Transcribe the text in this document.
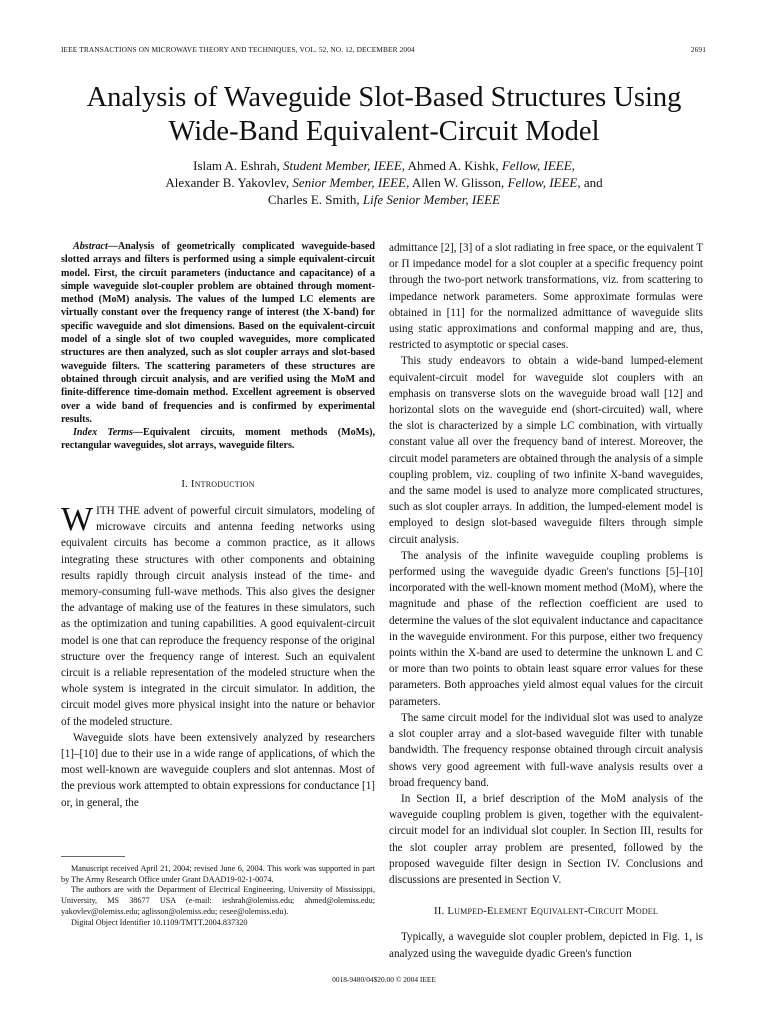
IEEE TRANSACTIONS ON MICROWAVE THEORY AND TECHNIQUES, VOL. 52, NO. 12, DECEMBER 2004	2691
Analysis of Waveguide Slot-Based Structures Using
Wide-Band Equivalent-Circuit Model
Islam A. Eshrah, Student Member, IEEE, Ahmed A. Kishk, Fellow, IEEE,
Alexander B. Yakovlev, Senior Member, IEEE, Allen W. Glisson, Fellow, IEEE, and
Charles E. Smith, Life Senior Member, IEEE

Abstract—Analysis of geometrically complicated waveguide-based slotted arrays and filters is performed using a simple equivalent-circuit model. First, the circuit parameters (inductance and capacitance) of a simple waveguide slot-coupler problem are obtained through moment-method (MoM) analysis. The values of the lumped LC elements are virtually constant over the frequency range of interest (the X-band) for specific waveguide and slot dimensions. Based on the equivalent-circuit model of a single slot of two coupled waveguides, more complicated structures are then analyzed, such as slot coupler arrays and slot-based waveguide filters. The scattering parameters of these structures are obtained through circuit analysis, and are verified using the MoM and finite-difference time-domain method. Excellent agreement is observed over a wide band of frequencies and is confirmed by experimental results.

Index Terms—Equivalent circuits, moment methods (MoMs), rectangular waveguides, slot arrays, waveguide filters.

I. Introduction

WITH THE advent of powerful circuit simulators, modeling of microwave circuits and antenna feeding networks using equivalent circuits has become a common practice, as it allows integrating these structures with other components and obtaining results rapidly through circuit analysis instead of the time- and memory-consuming full-wave methods. This also gives the designer the advantage of making use of the features in these simulators, such as the optimization and tuning capabilities. A good equivalent-circuit model is one that can reproduce the frequency response of the original structure over the frequency range of interest. Such an equivalent circuit is a reliable representation of the modeled structure when the whole system is integrated in the circuit simulator. In addition, the circuit model gives more physical insight into the nature or behavior of the modeled structure.

Waveguide slots have been extensively analyzed by researchers [1]–[10] due to their use in a wide range of applications, of which the most well-known are waveguide couplers and slot antennas. Most of the previous work attempted to obtain expressions for conductance [1] or, in general, the

Manuscript received April 21, 2004; revised June 6, 2004. This work was supported in part by The Army Research Office under Grant DAAD19-02-1-0074.

The authors are with the Department of Electrical Engineering, University of Mississippi, University, MS 38677 USA (e-mail: ieshrah@olemiss.edu; ahmed@olemiss.edu; yakovlev@olemiss.edu; aglisson@olemiss.edu; cesee@olemiss.edu).

Digital Object Identifier 10.1109/TMTT.2004.837320

admittance [2], [3] of a slot radiating in free space, or the equivalent T or Π impedance model for a slot coupler at a specific frequency point through the two-port network transformations, viz. from scattering to impedance network parameters. Some approximate formulas were obtained in [11] for the normalized admittance of waveguide slits using static approximations and conformal mapping and are, thus, restricted to asymptotic or special cases.

This study endeavors to obtain a wide-band lumped-element equivalent-circuit model for waveguide slot couplers with an emphasis on transverse slots on the waveguide broad wall [12] and horizontal slots on the waveguide end (short-circuited) wall, where the slot is characterized by a simple LC combination, with virtually constant value all over the frequency band of interest. Moreover, the circuit model parameters are obtained through the analysis of a simple coupling problem, viz. coupling of two infinite X-band waveguides, and the same model is used to analyze more complicated structures, such as slot coupler arrays. In addition, the lumped-element model is employed to design slot-based waveguide filters through simple circuit analysis.

The analysis of the infinite waveguide coupling problems is performed using the waveguide dyadic Green's functions [5]–[10] incorporated with the well-known moment method (MoM), where the magnitude and phase of the reflection coefficient are used to determine the values of the slot equivalent inductance and capacitance in the waveguide environment. For this purpose, either two frequency points within the X-band are used to determine the unknown L and C or more than two points to obtain least square error values for these parameters. Both approaches yield almost equal values for the circuit parameters.

The same circuit model for the individual slot was used to analyze a slot coupler array and a slot-based waveguide filter with tunable bandwidth. The frequency response obtained through circuit analysis shows very good agreement with full-wave analysis results over a broad frequency band.

In Section II, a brief description of the MoM analysis of the waveguide coupling problem is given, together with the equivalent-circuit model for an individual slot coupler. In Section III, results for the slot coupler array problem are presented, followed by the proposed waveguide filter design in Section IV. Conclusions and discussions are presented in Section V.

II. Lumped-Element Equivalent-Circuit Model

Typically, a waveguide slot coupler problem, depicted in Fig. 1, is analyzed using the waveguide dyadic Green's function

0018-9480/04$20.00 © 2004 IEEE
